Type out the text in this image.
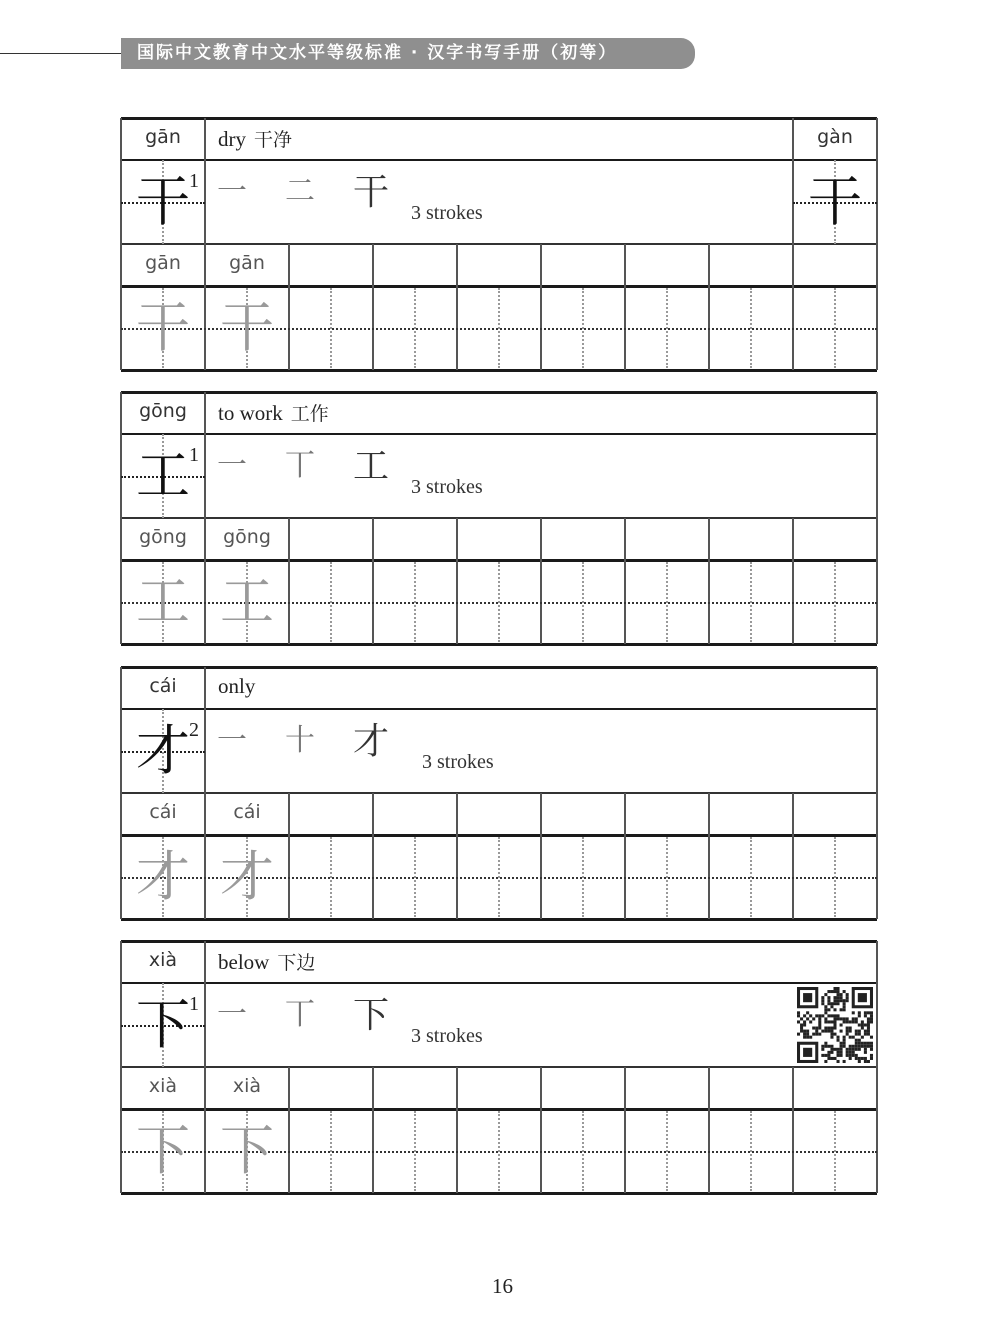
国际中文教育中文水平等级标准 · 汉字书写手册（初等）
gān	dry 干净	gàn
干 1 一 二 干 3 strokes	干
gān	gān
干 干
gōng	to work 工作
工 1 一 丅 工 3 strokes
gōng	gōng
工 工
cái	only
才 2 一 十 才 3 strokes
cái	cái
才 才
xià	below 下边
下 1 一 丅 下 3 strokes
xià	xià
下 下
16
